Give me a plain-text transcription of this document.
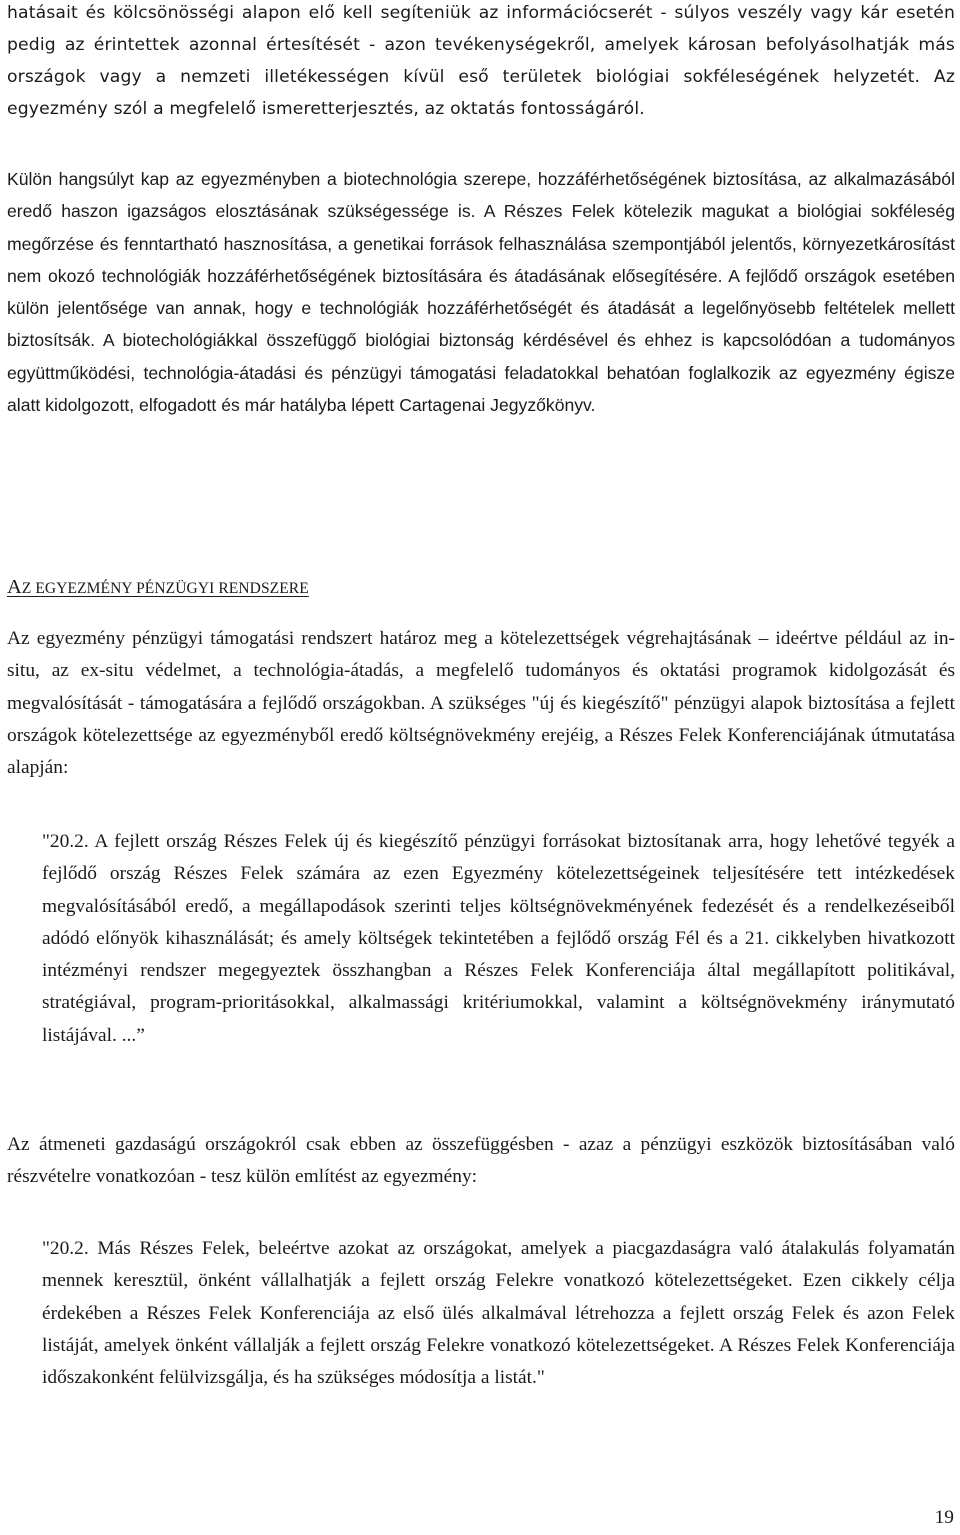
hatásait és kölcsönösségi alapon elő kell segíteniük az információcserét - súlyos veszély vagy kár esetén pedig az érintettek azonnal értesítését - azon tevékenységekről, amelyek károsan befolyásolhatják más országok vagy a nemzeti illetékességen kívül eső területek biológiai sokféleségének helyzetét. Az egyezmény szól a megfelelő ismeretterjesztés, az oktatás fontosságáról.

Külön hangsúlyt kap az egyezményben a biotechnológia szerepe, hozzáférhetőségének biztosítása, az alkalmazásából eredő haszon igazságos elosztásának szükségessége is. A Részes Felek kötelezik magukat a biológiai sokféleség megőrzése és fenntartható hasznosítása, a genetikai források felhasználása szempontjából jelentős, környezetkárosítást nem okozó technológiák hozzáférhetőségének biztosítására és átadásának elősegítésére. A fejlődő országok esetében külön jelentősége van annak, hogy e technológiák hozzáférhetőségét és átadását a legelőnyösebb feltételek mellett biztosítsák. A biotechológiákkal összefüggő biológiai biztonság kérdésével és ehhez is kapcsolódóan a tudományos együttműködési, technológia-átadási és pénzügyi támogatási feladatokkal behatóan foglalkozik az egyezmény égisze alatt kidolgozott, elfogadott és már hatályba lépett Cartagenai Jegyzőkönyv.

AZ EGYEZMÉNY PÉNZÜGYI RENDSZERE

Az egyezmény pénzügyi támogatási rendszert határoz meg a kötelezettségek végrehajtásának – ideértve például az in-situ, az ex-situ védelmet, a technológia-átadás, a megfelelő tudományos és oktatási programok kidolgozását és megvalósítását - támogatására a fejlődő országokban. A szükséges "új és kiegészítő" pénzügyi alapok biztosítása a fejlett országok kötelezettsége az egyezményből eredő költségnövekmény erejéig, a Részes Felek Konferenciájának útmutatása alapján:

"20.2. A fejlett ország Részes Felek új és kiegészítő pénzügyi forrásokat biztosítanak arra, hogy lehetővé tegyék a fejlődő ország Részes Felek számára az ezen Egyezmény kötelezettségeinek teljesítésére tett intézkedések megvalósításából eredő, a megállapodások szerinti teljes költségnövekményének fedezését és a rendelkezéseiből adódó előnyök kihasználását; és amely költségek tekintetében a fejlődő ország Fél és a 21. cikkelyben hivatkozott intézményi rendszer megegyeztek összhangban a Részes Felek Konferenciája által megállapított politikával, stratégiával, program-prioritásokkal, alkalmassági kritériumokkal, valamint a költségnövekmény iránymutató listájával. ...”

Az átmeneti gazdaságú országokról csak ebben az összefüggésben - azaz a pénzügyi eszközök biztosításában való részvételre vonatkozóan - tesz külön említést az egyezmény:

"20.2. Más Részes Felek, beleértve azokat az országokat, amelyek a piacgazdaságra való átalakulás folyamatán mennek keresztül, önként vállalhatják a fejlett ország Felekre vonatkozó kötelezettségeket. Ezen cikkely célja érdekében a Részes Felek Konferenciája az első ülés alkalmával létrehozza a fejlett ország Felek és azon Felek listáját, amelyek önként vállalják a fejlett ország Felekre vonatkozó kötelezettségeket. A Részes Felek Konferenciája időszakonként felülvizsgálja, és ha szükséges módosítja a listát."

19
